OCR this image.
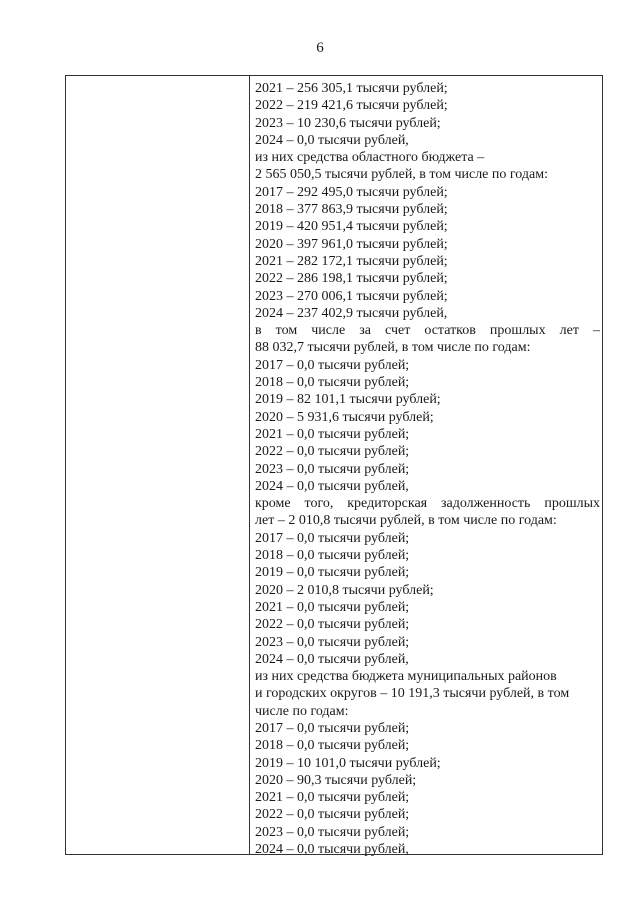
6
2021 – 256 305,1 тысячи рублей;
2022 – 219 421,6 тысячи рублей;
2023 – 10 230,6 тысячи рублей;
2024 – 0,0 тысячи рублей,
из них средства областного бюджета –
2 565 050,5 тысячи рублей, в том числе по годам:
2017 – 292 495,0 тысячи рублей;
2018 – 377 863,9 тысячи рублей;
2019 – 420 951,4 тысячи рублей;
2020 – 397 961,0 тысячи рублей;
2021 – 282 172,1 тысячи рублей;
2022 – 286 198,1 тысячи рублей;
2023 – 270 006,1 тысячи рублей;
2024 – 237 402,9 тысячи рублей,
в том числе за счет остатков прошлых лет –
88 032,7 тысячи рублей, в том числе по годам:
2017 – 0,0 тысячи рублей;
2018 – 0,0 тысячи рублей;
2019 – 82 101,1 тысячи рублей;
2020 – 5 931,6 тысячи рублей;
2021 – 0,0 тысячи рублей;
2022 – 0,0 тысячи рублей;
2023 – 0,0 тысячи рублей;
2024 – 0,0 тысячи рублей,
кроме того, кредиторская задолженность прошлых
лет – 2 010,8 тысячи рублей, в том числе по годам:
2017 – 0,0 тысячи рублей;
2018 – 0,0 тысячи рублей;
2019 – 0,0 тысячи рублей;
2020 – 2 010,8 тысячи рублей;
2021 – 0,0 тысячи рублей;
2022 – 0,0 тысячи рублей;
2023 – 0,0 тысячи рублей;
2024 – 0,0 тысячи рублей,
из них средства бюджета муниципальных районов
и городских округов – 10 191,3 тысячи рублей, в том
числе по годам:
2017 – 0,0 тысячи рублей;
2018 – 0,0 тысячи рублей;
2019 – 10 101,0 тысячи рублей;
2020 – 90,3 тысячи рублей;
2021 – 0,0 тысячи рублей;
2022 – 0,0 тысячи рублей;
2023 – 0,0 тысячи рублей;
2024 – 0,0 тысячи рублей,
